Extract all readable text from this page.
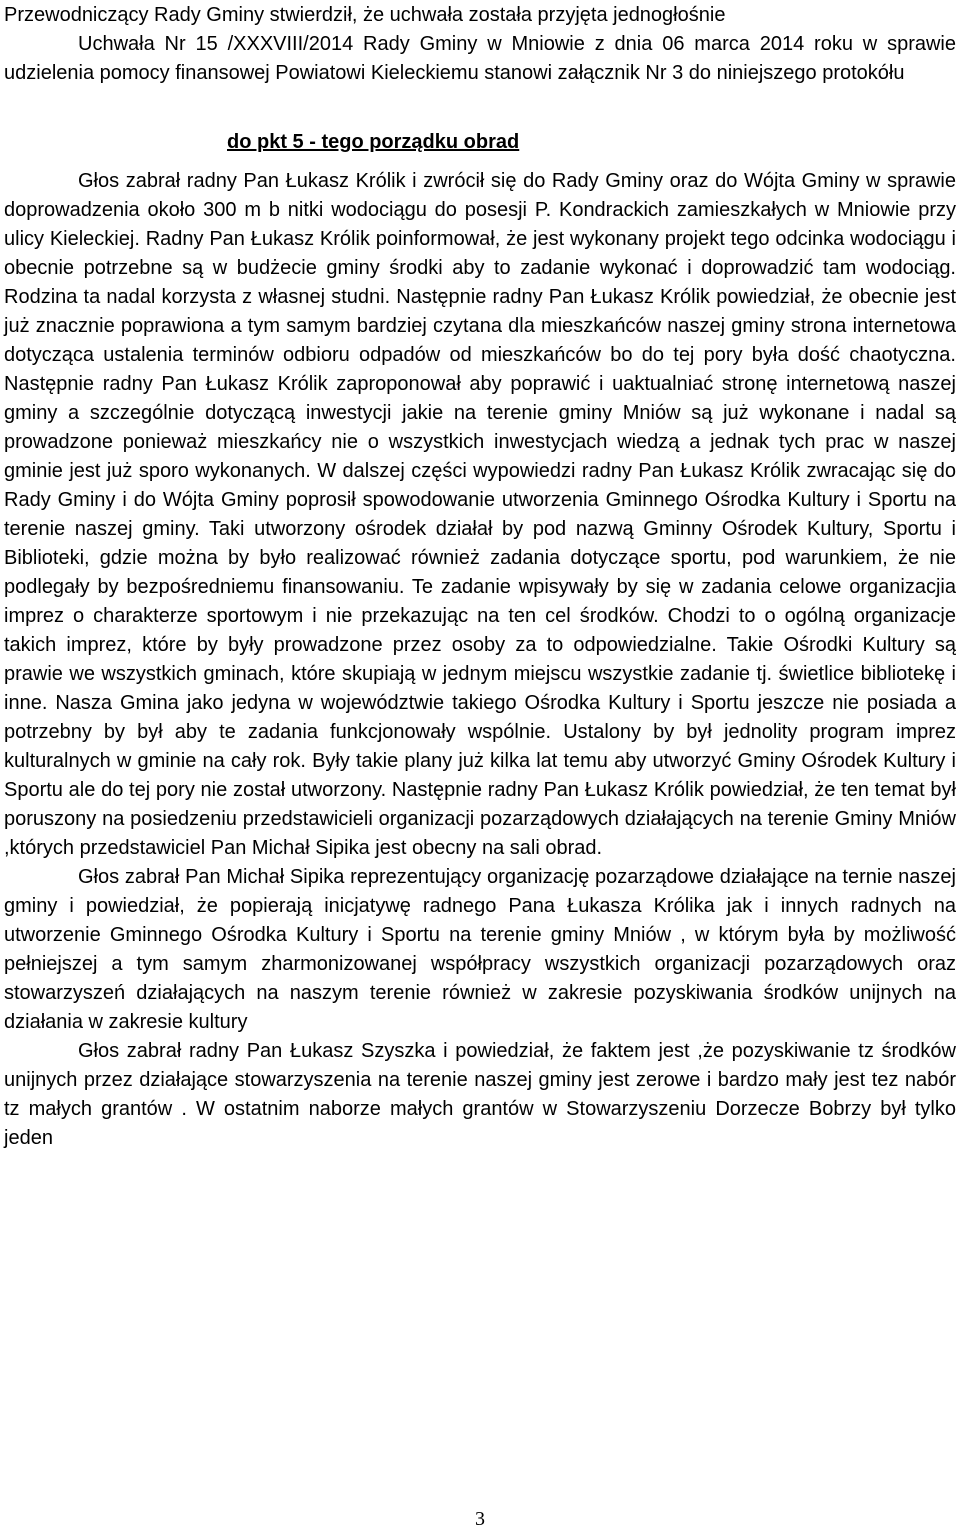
Przewodniczący Rady Gminy stwierdził, że uchwała została przyjęta jednogłośnie

Uchwała Nr 15 /XXXVIII/2014 Rady Gminy w Mniowie z dnia 06 marca 2014 roku w sprawie udzielenia pomocy finansowej Powiatowi Kieleckiemu stanowi załącznik Nr 3 do niniejszego protokółu

do pkt 5 - tego porządku obrad

Głos zabrał radny Pan Łukasz Królik i zwrócił się do Rady Gminy oraz do Wójta Gminy w sprawie doprowadzenia około 300 m b nitki wodociągu do posesji P. Kondrackich zamieszkałych w Mniowie przy ulicy Kieleckiej. Radny Pan Łukasz Królik poinformował, że jest wykonany projekt tego odcinka wodociągu i obecnie potrzebne są w budżecie gminy środki aby to zadanie wykonać i doprowadzić tam wodociąg. Rodzina ta nadal korzysta z własnej studni. Następnie radny Pan Łukasz Królik powiedział, że obecnie jest już znacznie poprawiona a tym samym bardziej czytana dla mieszkańców naszej gminy strona internetowa dotycząca ustalenia terminów odbioru odpadów od mieszkańców bo do tej pory była dość chaotyczna. Następnie radny Pan Łukasz Królik zaproponował aby poprawić i uaktualniać stronę internetową naszej gminy a szczególnie dotyczącą inwestycji jakie na terenie gminy Mniów są już wykonane i nadal są prowadzone ponieważ mieszkańcy nie o wszystkich inwestycjach wiedzą a jednak tych prac w naszej gminie jest już sporo wykonanych. W dalszej części wypowiedzi radny Pan Łukasz Królik zwracając się do Rady Gminy i do Wójta Gminy poprosił spowodowanie utworzenia Gminnego Ośrodka Kultury i Sportu na terenie naszej gminy. Taki utworzony ośrodek działał by pod nazwą Gminny Ośrodek Kultury, Sportu i Biblioteki, gdzie można by było realizować również zadania dotyczące sportu, pod warunkiem, że nie podlegały by bezpośredniemu finansowaniu. Te zadanie wpisywały by się w zadania celowe organizacjia imprez o charakterze sportowym i nie przekazując na ten cel środków. Chodzi to o ogólną organizacje takich imprez, które by były prowadzone przez osoby za to odpowiedzialne. Takie Ośrodki Kultury są prawie we wszystkich gminach, które skupiają w jednym miejscu wszystkie zadanie tj. świetlice bibliotekę i inne. Nasza Gmina jako jedyna w województwie takiego Ośrodka Kultury i Sportu jeszcze nie posiada a potrzebny by był aby te zadania funkcjonowały wspólnie. Ustalony by był jednolity program imprez kulturalnych w gminie na cały rok. Były takie plany już kilka lat temu aby utworzyć Gminy Ośrodek Kultury i Sportu ale do tej pory nie został utworzony. Następnie radny Pan Łukasz Królik powiedział, że ten temat był poruszony na posiedzeniu przedstawicieli organizacji pozarządowych działających na terenie Gminy Mniów ,których przedstawiciel Pan Michał Sipika jest obecny na sali obrad.

Głos zabrał Pan Michał Sipika reprezentujący organizację pozarządowe działające na ternie naszej gminy i powiedział, że popierają inicjatywę radnego Pana Łukasza Królika jak i innych radnych na utworzenie Gminnego Ośrodka Kultury i Sportu na terenie gminy Mniów , w którym była by możliwość pełniejszej a tym samym zharmonizowanej współpracy wszystkich organizacji pozarządowych oraz stowarzyszeń działających na naszym terenie również w zakresie pozyskiwania środków unijnych na działania w zakresie kultury

Głos zabrał radny Pan Łukasz Szyszka i powiedział, że faktem jest ,że pozyskiwanie tz środków unijnych przez działające stowarzyszenia na terenie naszej gminy jest zerowe i bardzo mały jest tez nabór tz małych grantów . W ostatnim naborze małych grantów w Stowarzyszeniu Dorzecze Bobrzy był tylko jeden

3
